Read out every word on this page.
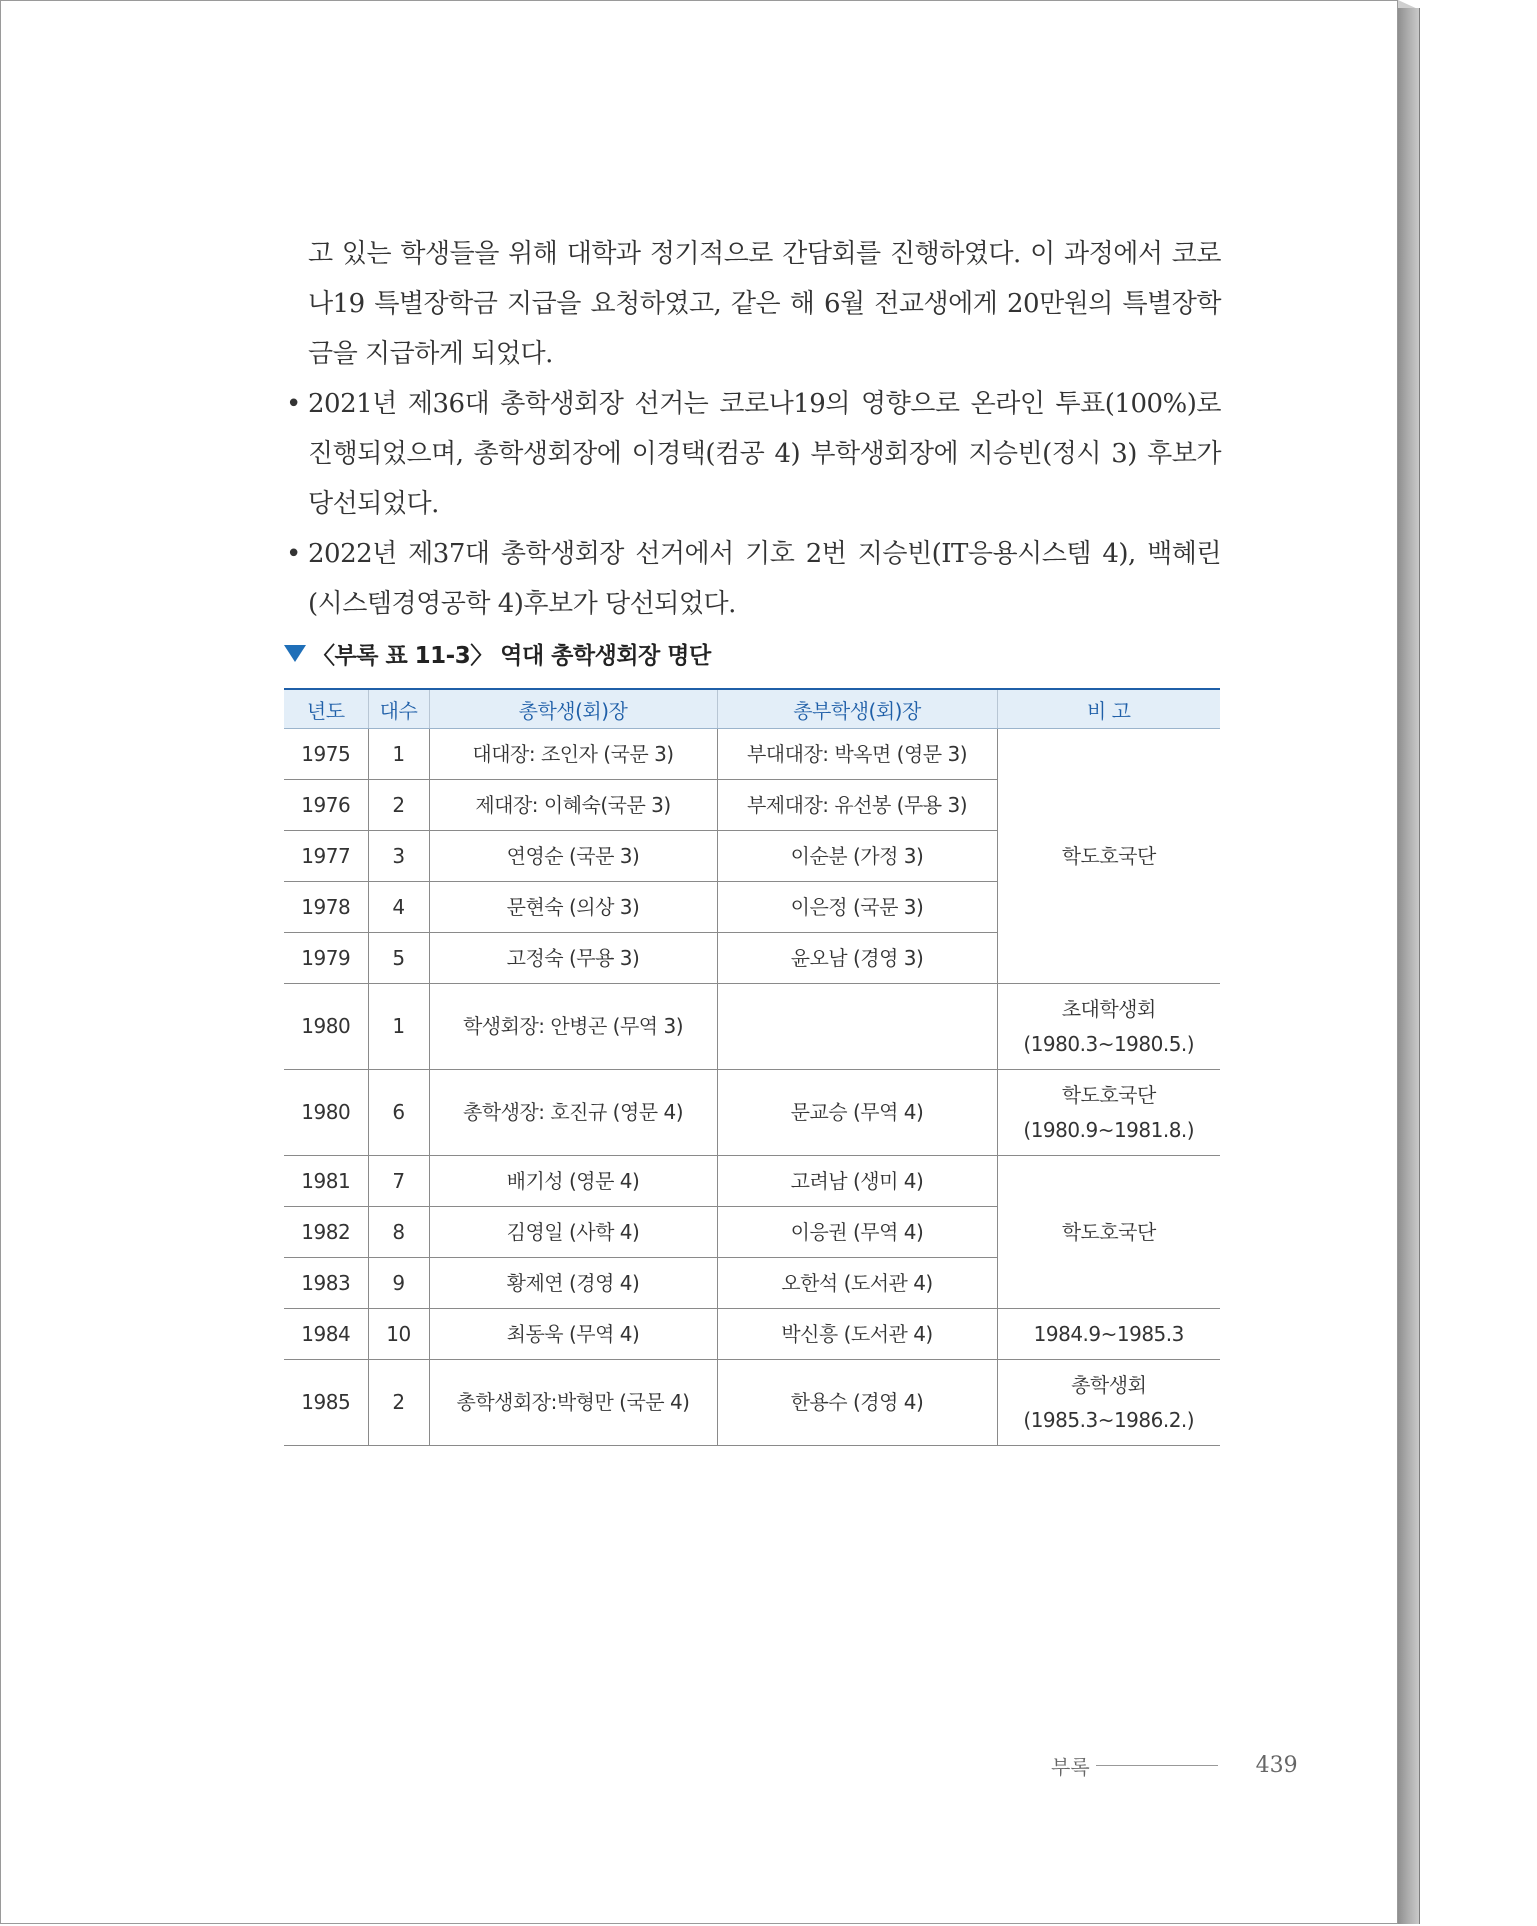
고 있는 학생들을 위해 대학과 정기적으로 간담회를 진행하였다. 이 과정에서 코로나19 특별장학금 지급을 요청하였고, 같은 해 6월 전교생에게 20만원의 특별장학금을 지급하게 되었다.

• 2021년 제36대 총학생회장 선거는 코로나19의 영향으로 온라인 투표(100%)로 진행되었으며, 총학생회장에 이경택(컴공 4) 부학생회장에 지승빈(정시 3) 후보가 당선되었다.

• 2022년 제37대 총학생회장 선거에서 기호 2번 지승빈(IT응용시스템 4), 백혜린(시스템경영공학 4)후보가 당선되었다.

〈부록 표 11-3〉 역대 총학생회장 명단
년도	대수	총학생(회)장	총부학생(회)장	비 고
1975	1	대대장: 조인자 (국문 3)	부대대장: 박옥면 (영문 3)	학도호국단
1976	2	제대장: 이혜숙(국문 3)	부제대장: 유선봉 (무용 3)	
1977	3	연영순 (국문 3)	이순분 (가정 3)	
1978	4	문현숙 (의상 3)	이은정 (국문 3)	
1979	5	고정숙 (무용 3)	윤오남 (경영 3)	
1980	1	학생회장: 안병곤 (무역 3)		초대학생회
(1980.3~1980.5.)

1980	6	총학생장: 호진규 (영문 4)	문교승 (무역 4)	학도호국단
(1980.9~1981.8.)

1981	7	배기성 (영문 4)	고려남 (생미 4)	학도호국단
1982	8	김영일 (사학 4)	이응권 (무역 4)	
1983	9	황제연 (경영 4)	오한석 (도서관 4)	
1984	10	최동욱 (무역 4)	박신흥 (도서관 4)	1984.9~1985.3
1985	2	총학생회장:박형만 (국문 4)	한용수 (경영 4)	총학생회
(1985.3~1986.2.)
부록	439
